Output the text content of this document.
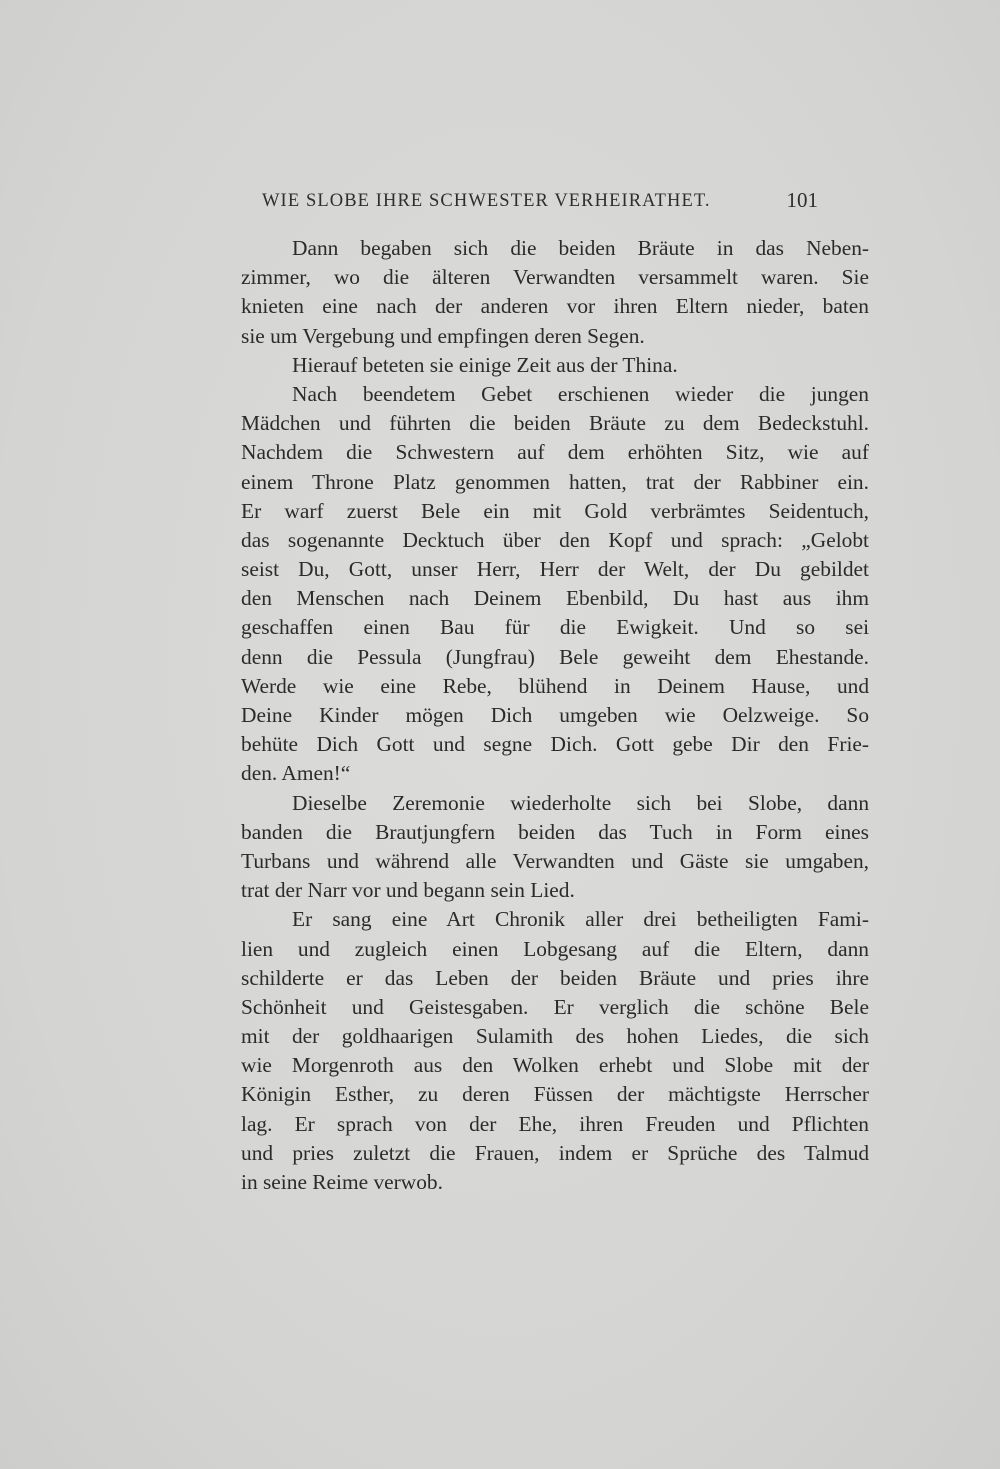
WIE SLOBE IHRE SCHWESTER VERHEIRATHET.	101
Dann begaben sich die beiden Bräute in das Neben-
zimmer, wo die älteren Verwandten versammelt waren. Sie
knieten eine nach der anderen vor ihren Eltern nieder, baten
sie um Vergebung und empfingen deren Segen.
Hierauf beteten sie einige Zeit aus der Thina.
Nach beendetem Gebet erschienen wieder die jungen
Mädchen und führten die beiden Bräute zu dem Bedeckstuhl.
Nachdem die Schwestern auf dem erhöhten Sitz, wie auf
einem Throne Platz genommen hatten, trat der Rabbiner ein.
Er warf zuerst Bele ein mit Gold verbrämtes Seidentuch,
das sogenannte Decktuch über den Kopf und sprach: „Gelobt
seist Du, Gott, unser Herr, Herr der Welt, der Du gebildet
den Menschen nach Deinem Ebenbild, Du hast aus ihm
geschaffen einen Bau für die Ewigkeit. Und so sei
denn die Pessula (Jungfrau) Bele geweiht dem Ehestande.
Werde wie eine Rebe, blühend in Deinem Hause, und
Deine Kinder mögen Dich umgeben wie Oelzweige. So
behüte Dich Gott und segne Dich. Gott gebe Dir den Frie-
den. Amen!“
Dieselbe Zeremonie wiederholte sich bei Slobe, dann
banden die Brautjungfern beiden das Tuch in Form eines
Turbans und während alle Verwandten und Gäste sie umgaben,
trat der Narr vor und begann sein Lied.
Er sang eine Art Chronik aller drei betheiligten Fami-
lien und zugleich einen Lobgesang auf die Eltern, dann
schilderte er das Leben der beiden Bräute und pries ihre
Schönheit und Geistesgaben. Er verglich die schöne Bele
mit der goldhaarigen Sulamith des hohen Liedes, die sich
wie Morgenroth aus den Wolken erhebt und Slobe mit der
Königin Esther, zu deren Füssen der mächtigste Herrscher
lag. Er sprach von der Ehe, ihren Freuden und Pflichten
und pries zuletzt die Frauen, indem er Sprüche des Talmud
in seine Reime verwob.
